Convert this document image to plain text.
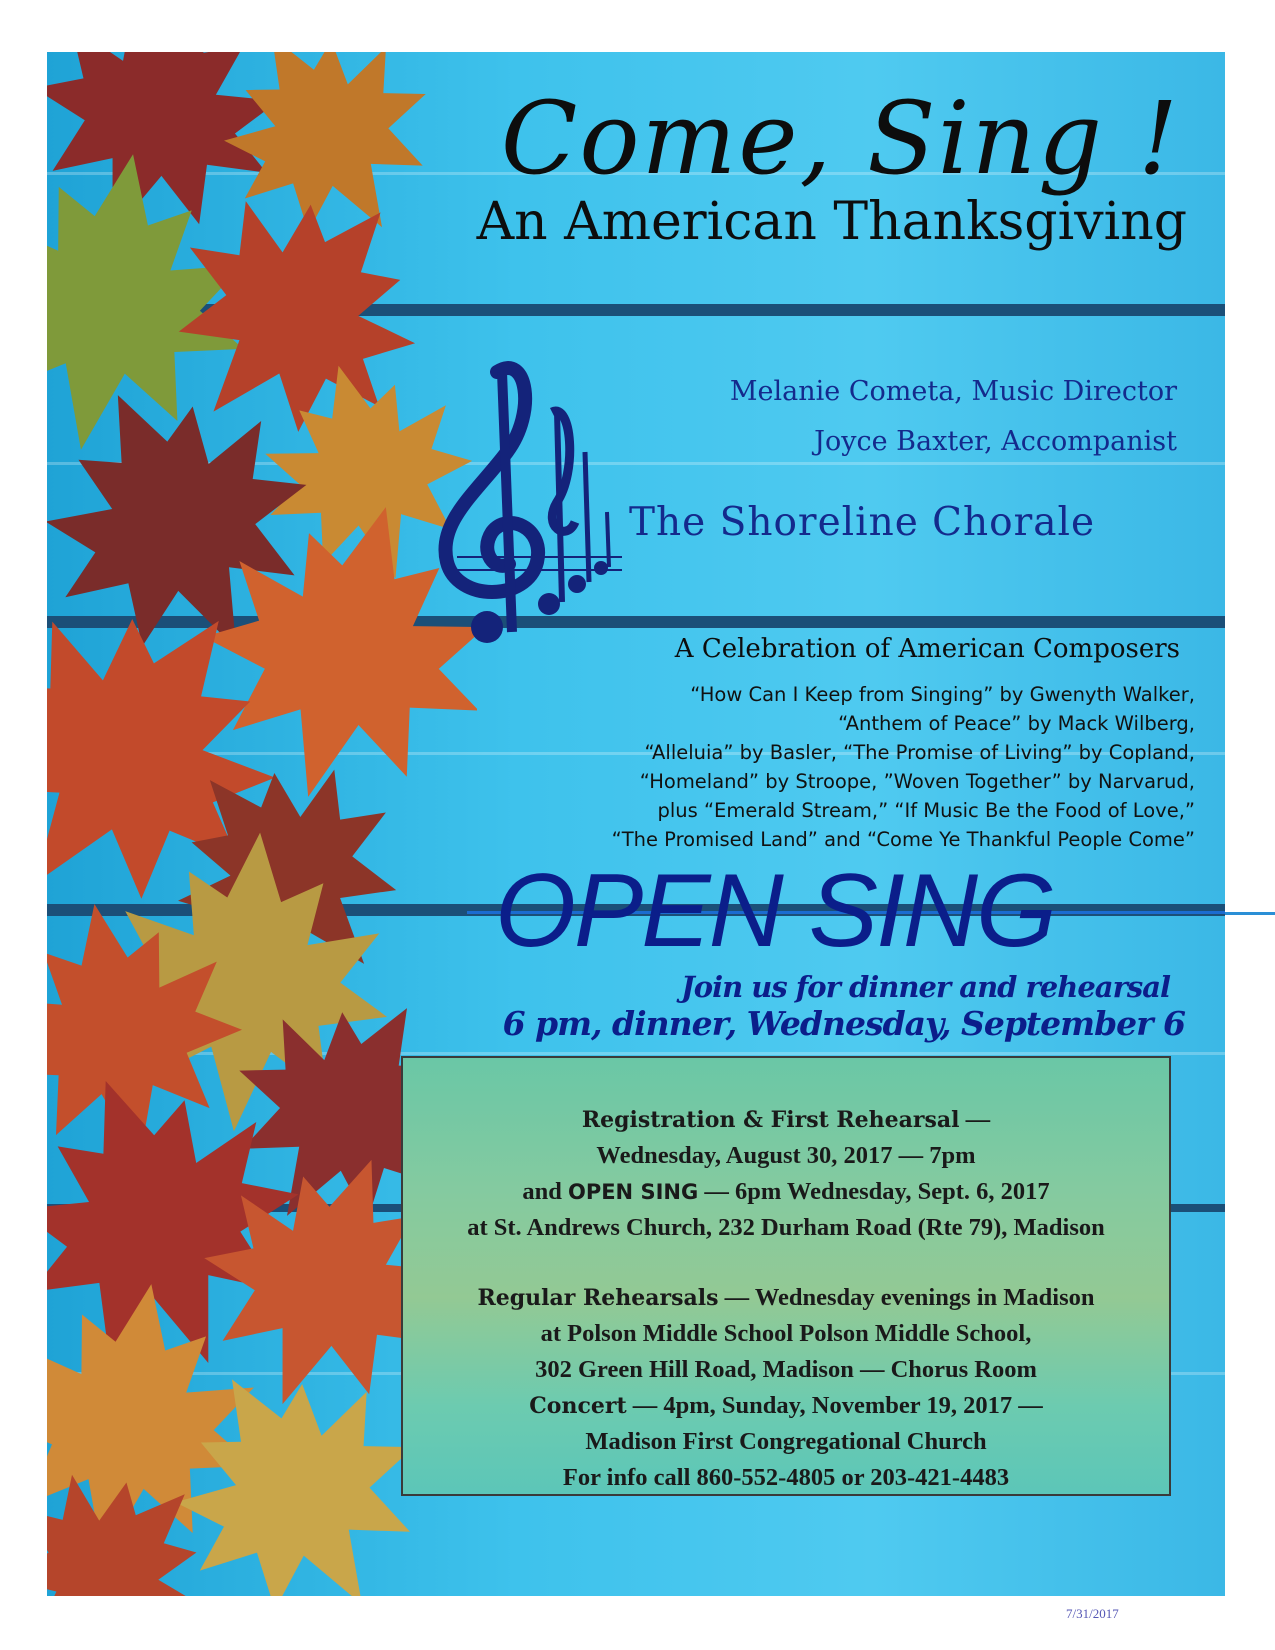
Come, Sing !
An American Thanksgiving
Melanie Cometa, Music Director
Joyce Baxter, Accompanist
The Shoreline Chorale
A Celebration of American Composers
“How Can I Keep from Singing” by Gwenyth Walker,
“Anthem of Peace” by Mack Wilberg,
“Alleluia” by Basler, “The Promise of Living” by Copland,
“Homeland” by Stroope, ”Woven Together” by Narvarud,
plus “Emerald Stream,” “If Music Be the Food of Love,”
“The Promised Land” and “Come Ye Thankful People Come”
OPEN SING
Join us for dinner and rehearsal
6 pm, dinner, Wednesday, September 6
Registration & First Rehearsal —
Wednesday, August 30, 2017 — 7pm
and OPEN SING — 6pm Wednesday, Sept. 6, 2017
at St. Andrews Church, 232 Durham Road (Rte 79), Madison
Regular Rehearsals — Wednesday evenings in Madison
at Polson Middle School Polson Middle School,
302 Green Hill Road, Madison — Chorus Room
Concert — 4pm, Sunday, November 19, 2017 —
Madison First Congregational Church
For info call 860-552-4805 or 203-421-4483
7/31/2017
